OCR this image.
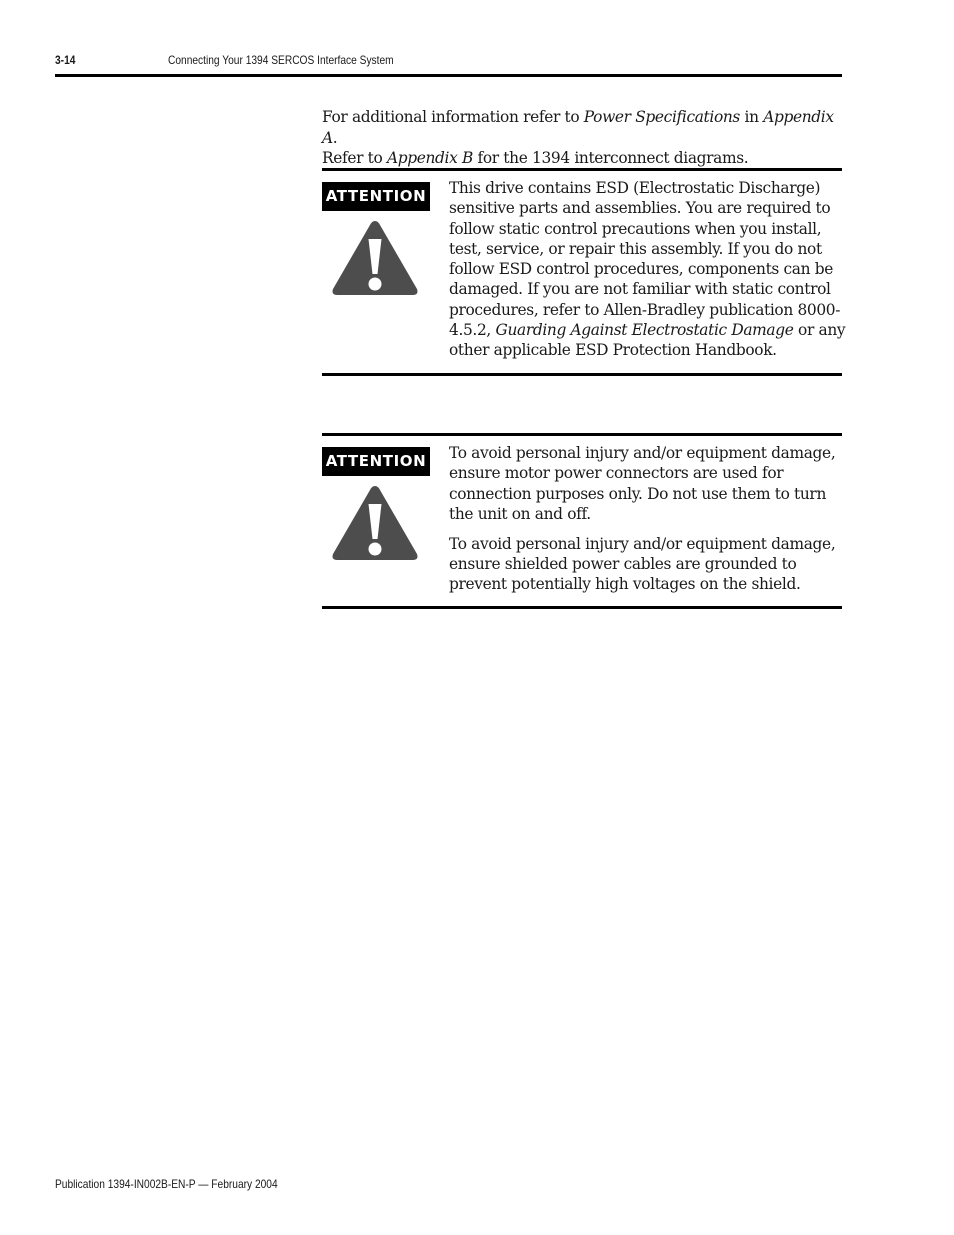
3-14	Connecting Your 1394 SERCOS Interface System

For additional information refer to Power Specifications in Appendix A.

Refer to Appendix B for the 1394 interconnect diagrams.

ATTENTION This drive contains ESD (Electrostatic Discharge) sensitive parts and assemblies. You are required to follow static control precautions when you install, test, service, or repair this assembly. If you do not follow ESD control procedures, components can be damaged. If you are not familiar with static control procedures, refer to Allen-Bradley publication 8000-4.5.2, Guarding Against Electrostatic Damage or any other applicable ESD Protection Handbook.

ATTENTION To avoid personal injury and/or equipment damage, ensure motor power connectors are used for connection purposes only. Do not use them to turn the unit on and off.

To avoid personal injury and/or equipment damage, ensure shielded power cables are grounded to prevent potentially high voltages on the shield.

Publication 1394-IN002B-EN-P — February 2004
